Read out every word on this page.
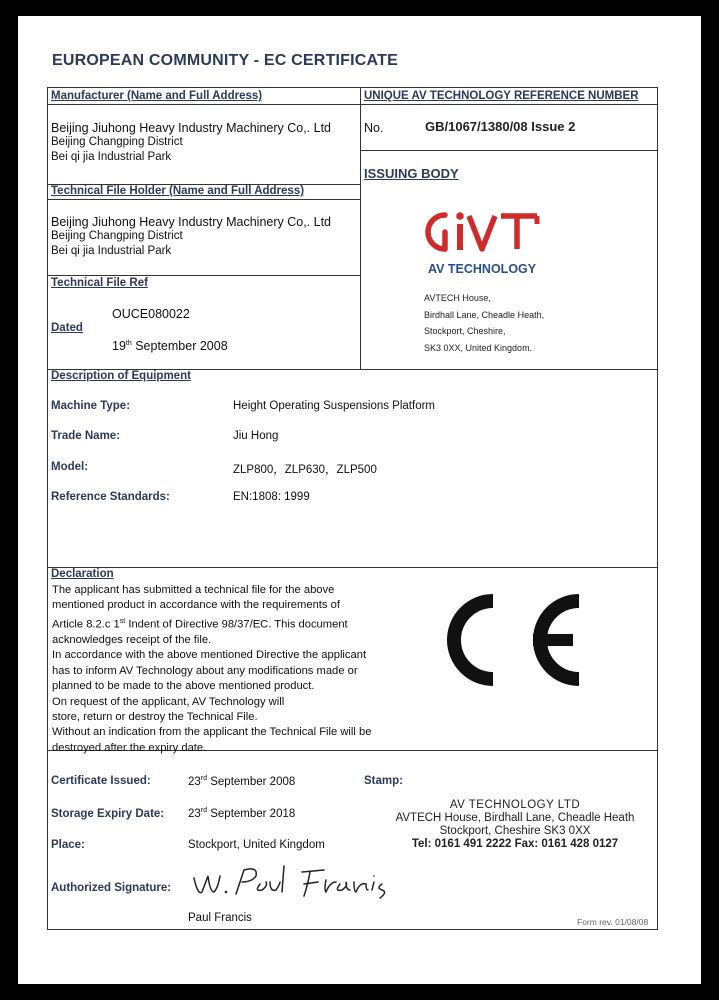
EUROPEAN COMMUNITY - EC CERTIFICATE
Manufacturer (Name and Full Address)
Beijing Jiuhong Heavy Industry Machinery Co,. Ltd
Beijing Changping District
Bei qi jia Industrial Park
UNIQUE AV TECHNOLOGY REFERENCE NUMBER
No.	GB/1067/1380/08 Issue 2
Technical File Holder (Name and Full Address)
Beijing Jiuhong Heavy Industry Machinery Co,. Ltd
Beijing Changping District
Bei qi jia Industrial Park
ISSUING BODY
AV TECHNOLOGY
AVTECH House,
Birdhall Lane, Cheadle Heath,
Stockport, Cheshire,
SK3 0XX, United Kingdom.
Technical File Ref
OUCE080022
Dated
19th September 2008
Description of Equipment
Machine Type:	Height Operating Suspensions Platform
Trade Name:	Jiu Hong
Model:	ZLP800，ZLP630，ZLP500
Reference Standards:	EN:1808: 1999
Declaration
The applicant has submitted a technical file for the above
mentioned product in accordance with the requirements of
Article 8.2.c 1st Indent of Directive 98/37/EC. This document
acknowledges receipt of the file.
In accordance with the above mentioned Directive the applicant
has to inform AV Technology about any modifications made or
planned to be made to the above mentioned product.
On request of the applicant, AV Technology will
store, return or destroy the Technical File.
Without an indication from the applicant the Technical File will be
destroyed after the expiry date.
Certificate Issued:	23rd September 2008	Stamp:
Storage Expiry Date: 23rd September 2018
Place:	Stockport, United Kingdom
AV TECHNOLOGY LTD
AVTECH House, Birdhall Lane, Cheadle Heath
Stockport, Cheshire SK3 0XX
Tel: 0161 491 2222 Fax: 0161 428 0127
Authorized Signature:
Paul Francis	Form rev. 01/08/08
